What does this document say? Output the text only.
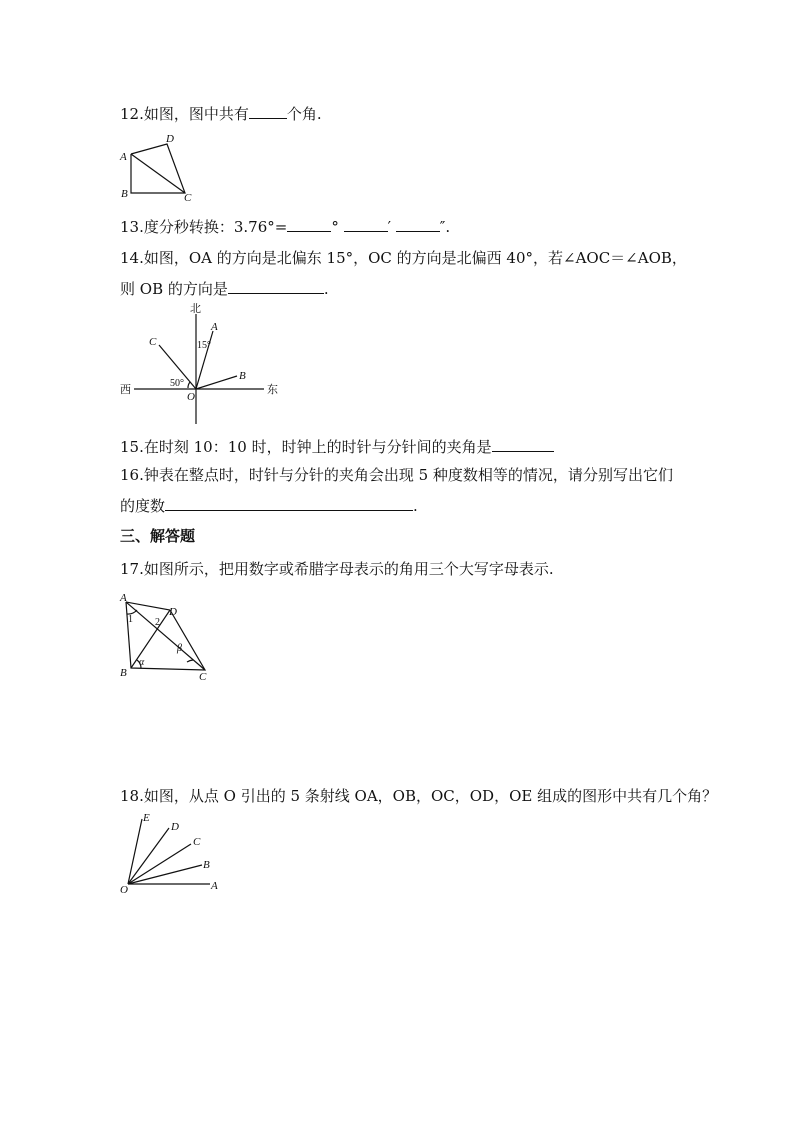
12.如图，图中共有	个角.
A
D
B	C
13.度分秒转换：3.76°=	°	′	″.
14.如图，OA 的方向是北偏东 15°，OC 的方向是北偏西 40°，若∠AOC＝∠AOB，
则 OB 的方向是	.
北
西	东
A
C
B
O
15°
50°
15.在时刻 10：10 时，时钟上的时针与分针间的夹角是
16.钟表在整点时，时针与分针的夹角会出现 5 种度数相等的情况，请分别写出它们
的度数	.
三、解答题
17.如图所示，把用数字或希腊字母表示的角用三个大写字母表示.
A
D
B	C
1 2
α
β
18.如图，从点 O 引出的 5 条射线 OA，OB，OC，OD，OE 组成的图形中共有几个角？
O	A
B
C
D
E
